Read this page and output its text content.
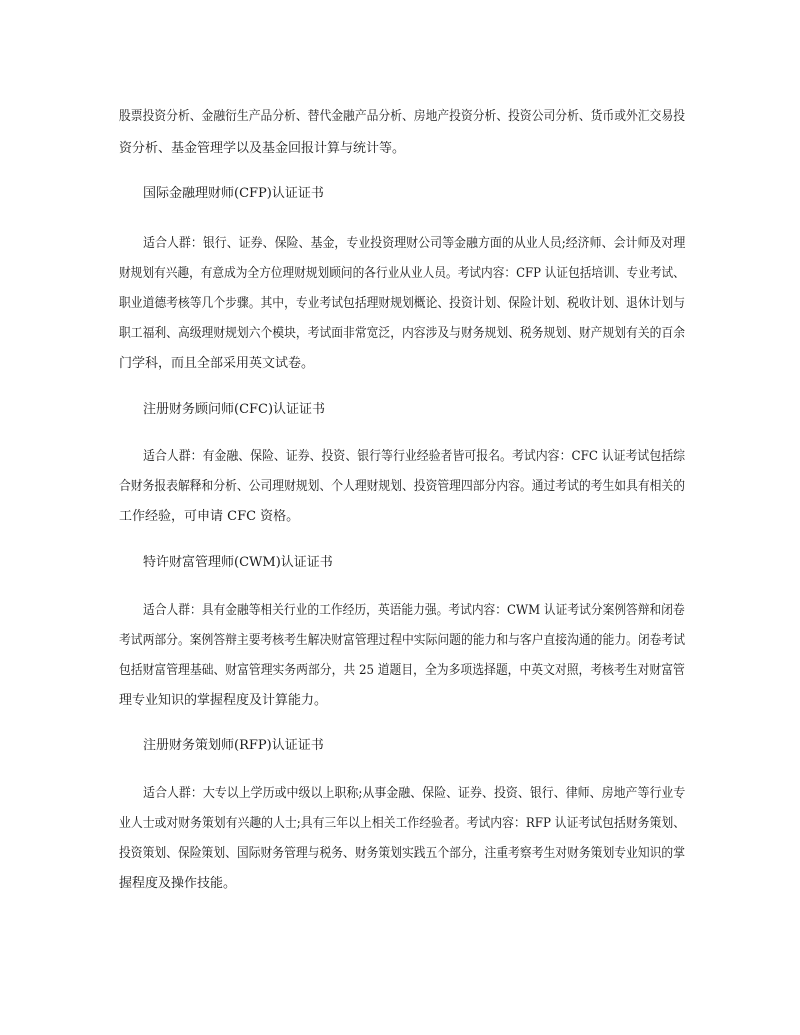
股票投资分析、金融衍生产品分析、替代金融产品分析、房地产投资分析、投资公司分析、货币或外汇交易投
资分析、基金管理学以及基金回报计算与统计等。
国际金融理财师(CFP)认证证书
适合人群：银行、证券、保险、基金，专业投资理财公司等金融方面的从业人员;经济师、会计师及对理
财规划有兴趣，有意成为全方位理财规划顾问的各行业从业人员。考试内容：CFP 认证包括培训、专业考试、
职业道德考核等几个步骤。其中，专业考试包括理财规划概论、投资计划、保险计划、税收计划、退休计划与
职工福利、高级理财规划六个模块，考试面非常宽泛，内容涉及与财务规划、税务规划、财产规划有关的百余
门学科，而且全部采用英文试卷。
注册财务顾问师(CFC)认证证书
适合人群：有金融、保险、证券、投资、银行等行业经验者皆可报名。考试内容：CFC 认证考试包括综
合财务报表解释和分析、公司理财规划、个人理财规划、投资管理四部分内容。通过考试的考生如具有相关的
工作经验，可申请 CFC 资格。
特许财富管理师(CWM)认证证书
适合人群：具有金融等相关行业的工作经历，英语能力强。考试内容：CWM 认证考试分案例答辩和闭卷
考试两部分。案例答辩主要考核考生解决财富管理过程中实际问题的能力和与客户直接沟通的能力。闭卷考试
包括财富管理基础、财富管理实务两部分，共 25 道题目，全为多项选择题，中英文对照，考核考生对财富管
理专业知识的掌握程度及计算能力。
注册财务策划师(RFP)认证证书
适合人群：大专以上学历或中级以上职称;从事金融、保险、证券、投资、银行、律师、房地产等行业专
业人士或对财务策划有兴趣的人士;具有三年以上相关工作经验者。考试内容：RFP 认证考试包括财务策划、
投资策划、保险策划、国际财务管理与税务、财务策划实践五个部分，注重考察考生对财务策划专业知识的掌
握程度及操作技能。
